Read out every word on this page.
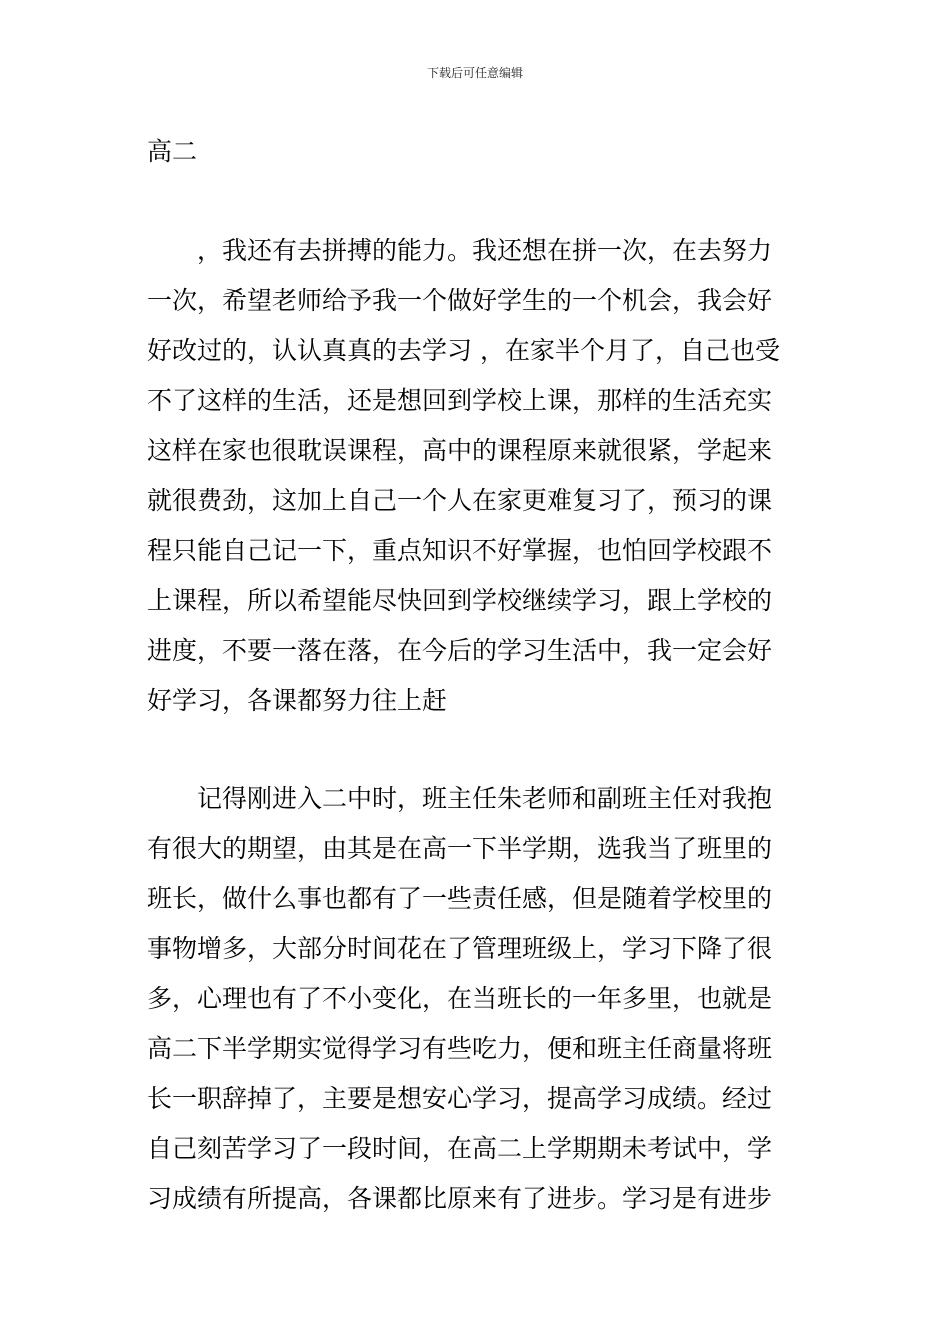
下载后可任意编辑
高二
，我还有去拼搏的能力。我还想在拼一次，在去努力
一次，希望老师给予我一个做好学生的一个机会，我会好
好改过的，认认真真的去学习 ，在家半个月了，自己也受
不了这样的生活，还是想回到学校上课，那样的生活充实
这样在家也很耽误课程，高中的课程原来就很紧，学起来
就很费劲，这加上自己一个人在家更难复习了，预习的课
程只能自己记一下，重点知识不好掌握，也怕回学校跟不
上课程，所以希望能尽快回到学校继续学习，跟上学校的
进度，不要一落在落，在今后的学习生活中，我一定会好
好学习，各课都努力往上赶
记得刚进入二中时，班主任朱老师和副班主任对我抱
有很大的期望，由其是在高一下半学期，选我当了班里的
班长，做什么事也都有了一些责任感，但是随着学校里的
事物增多，大部分时间花在了管理班级上，学习下降了很
多，心理也有了不小变化，在当班长的一年多里，也就是
高二下半学期实觉得学习有些吃力，便和班主任商量将班
长一职辞掉了，主要是想安心学习，提高学习成绩。经过
自己刻苦学习了一段时间，在高二上学期期未考试中，学
习成绩有所提高，各课都比原来有了进步。学习是有进步
